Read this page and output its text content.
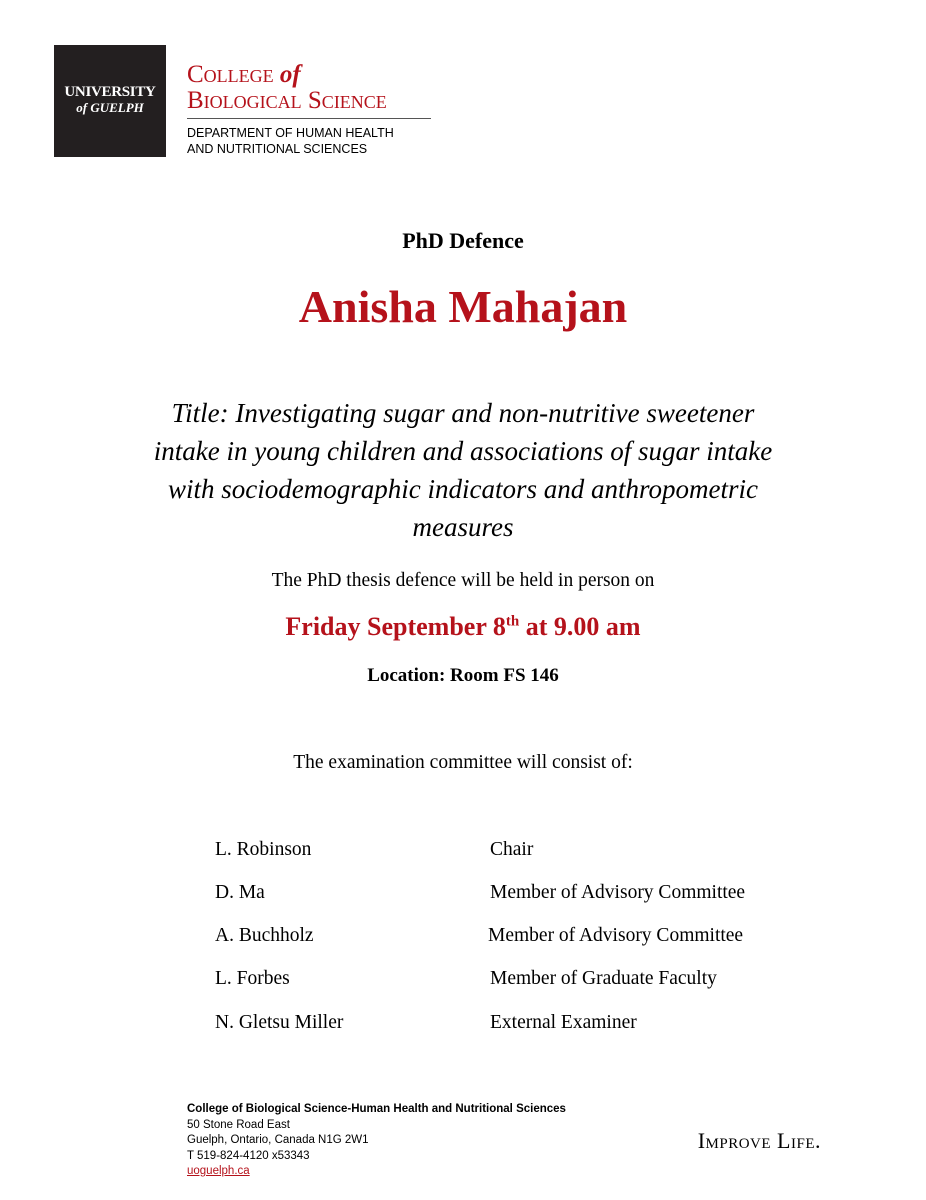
UNIVERSITY
of GUELPH
College of
Biological Science
DEPARTMENT OF HUMAN HEALTH
AND NUTRITIONAL SCIENCES
PhD Defence
Anisha Mahajan
Title: Investigating sugar and non-nutritive sweetener
intake in young children and associations of sugar intake
with sociodemographic indicators and anthropometric
measures
The PhD thesis defence will be held in person on
Friday September 8th at 9.00 am
Location: Room FS 146
The examination committee will consist of:
L. Robinson	Chair
D. Ma	Member of Advisory Committee
A. Buchholz	Member of Advisory Committee
L. Forbes	Member of Graduate Faculty
N. Gletsu Miller	External Examiner
College of Biological Science-Human Health and Nutritional Sciences
50 Stone Road East
Guelph, Ontario, Canada N1G 2W1
T 519-824-4120 x53343
uoguelph.ca
Improve Life.
